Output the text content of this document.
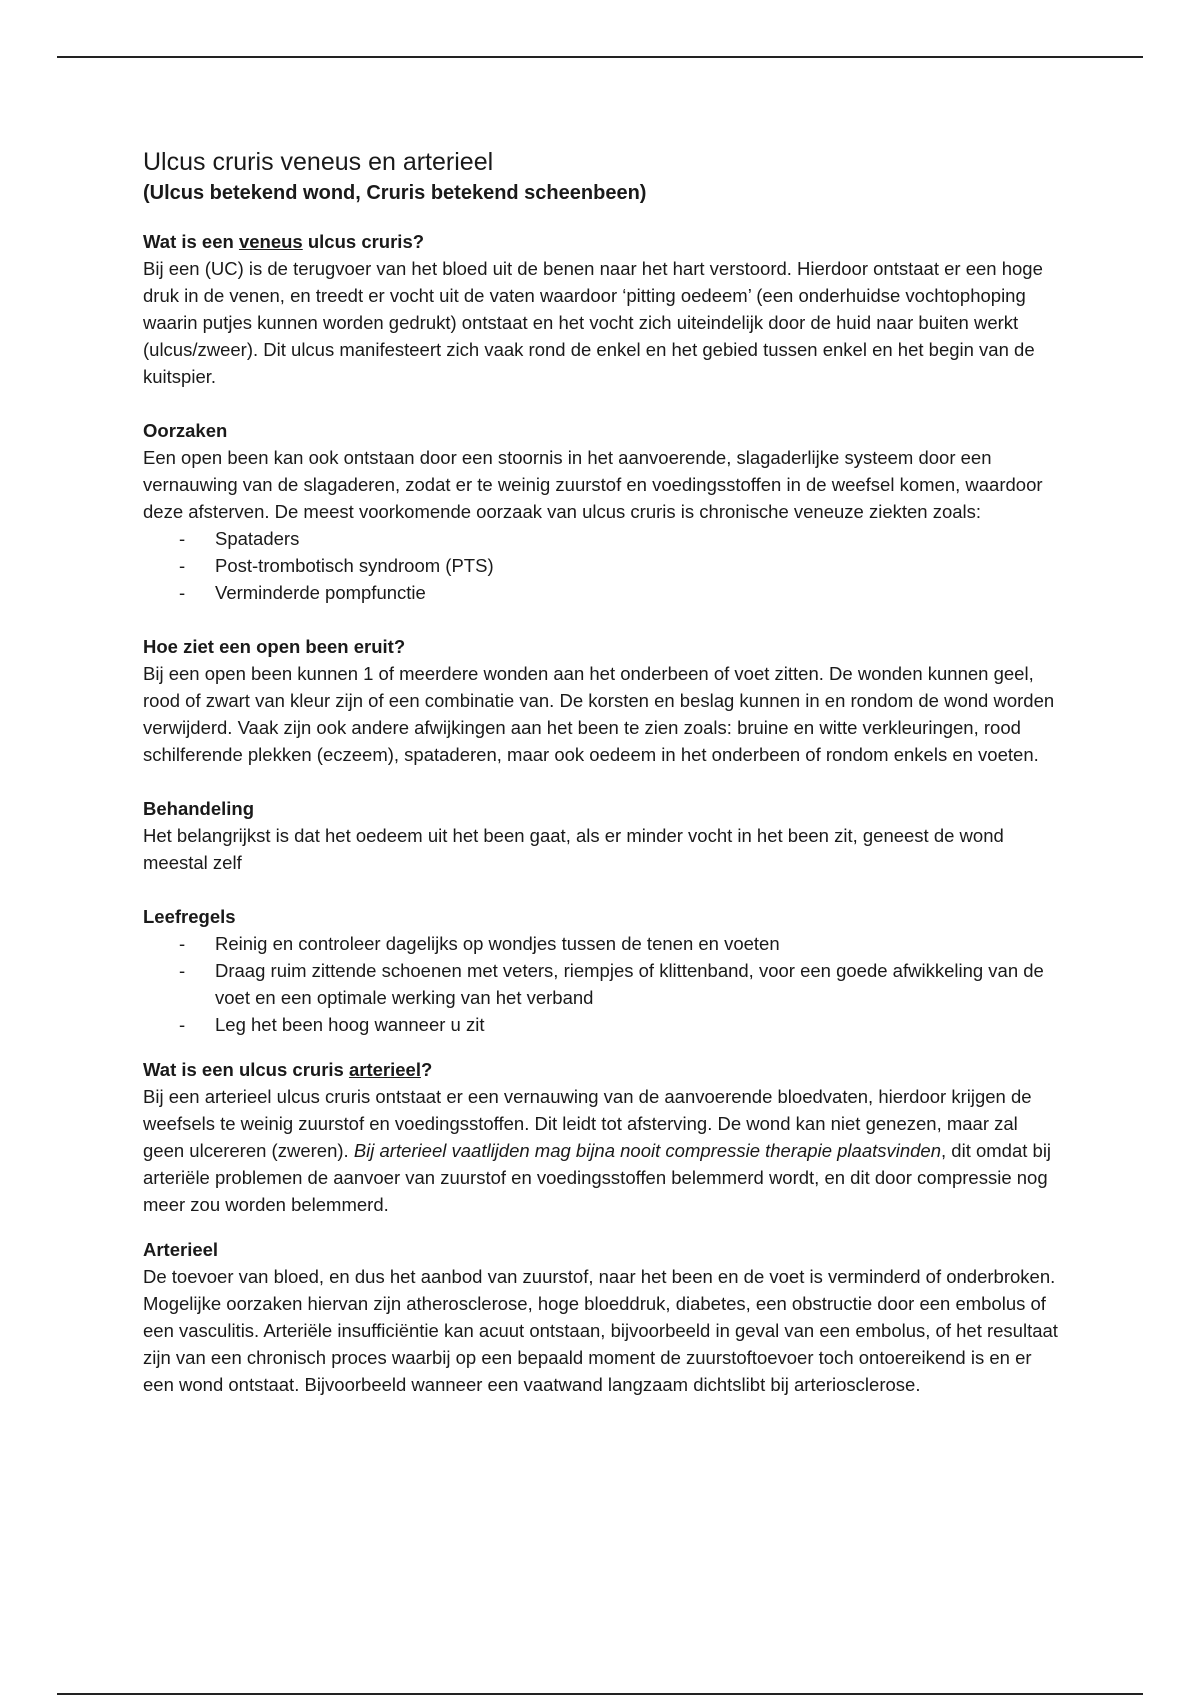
Ulcus cruris veneus en arterieel
(Ulcus betekend wond, Cruris betekend scheenbeen)
Wat is een veneus ulcus cruris?

Bij een (UC) is de terugvoer van het bloed uit de benen naar het hart verstoord. Hierdoor ontstaat er een hoge druk in de venen, en treedt er vocht uit de vaten waardoor ‘pitting oedeem’ (een onderhuidse vochtophoping waarin putjes kunnen worden gedrukt) ontstaat en het vocht zich uiteindelijk door de huid naar buiten werkt (ulcus/zweer). Dit ulcus manifesteert zich vaak rond de enkel en het gebied tussen enkel en het begin van de kuitspier.

Oorzaken

Een open been kan ook ontstaan door een stoornis in het aanvoerende, slagaderlijke systeem door een vernauwing van de slagaderen, zodat er te weinig zuurstof en voedingsstoffen in de weefsel komen, waardoor deze afsterven. De meest voorkomende oorzaak van ulcus cruris is chronische veneuze ziekten zoals:

- Spataders
- Post-trombotisch syndroom (PTS)
- Verminderde pompfunctie
Hoe ziet een open been eruit?

Bij een open been kunnen 1 of meerdere wonden aan het onderbeen of voet zitten. De wonden kunnen geel, rood of zwart van kleur zijn of een combinatie van. De korsten en beslag kunnen in en rondom de wond worden verwijderd. Vaak zijn ook andere afwijkingen aan het been te zien zoals: bruine en witte verkleuringen, rood schilferende plekken (eczeem), spataderen, maar ook oedeem in het onderbeen of rondom enkels en voeten.

Behandeling

Het belangrijkst is dat het oedeem uit het been gaat, als er minder vocht in het been zit, geneest de wond meestal zelf

Leefregels
- Reinig en controleer dagelijks op wondjes tussen de tenen en voeten
- Draag ruim zittende schoenen met veters, riempjes of klittenband, voor een goede afwikkeling van de voet en een optimale werking van het verband
- Leg het been hoog wanneer u zit
Wat is een ulcus cruris arterieel?

Bij een arterieel ulcus cruris ontstaat er een vernauwing van de aanvoerende bloedvaten, hierdoor krijgen de weefsels te weinig zuurstof en voedingsstoffen. Dit leidt tot afsterving. De wond kan niet genezen, maar zal geen ulcereren (zweren). Bij arterieel vaatlijden mag bijna nooit compressie therapie plaatsvinden, dit omdat bij arteriële problemen de aanvoer van zuurstof en voedingsstoffen belemmerd wordt, en dit door compressie nog meer zou worden belemmerd.

Arterieel

De toevoer van bloed, en dus het aanbod van zuurstof, naar het been en de voet is verminderd of onderbroken. Mogelijke oorzaken hiervan zijn atherosclerose, hoge bloeddruk, diabetes, een obstructie door een embolus of een vasculitis. Arteriële insufficiëntie kan acuut ontstaan, bijvoorbeeld in geval van een embolus, of het resultaat zijn van een chronisch proces waarbij op een bepaald moment de zuurstoftoevoer toch ontoereikend is en er een wond ontstaat. Bijvoorbeeld wanneer een vaatwand langzaam dichtslibt bij arteriosclerose.
